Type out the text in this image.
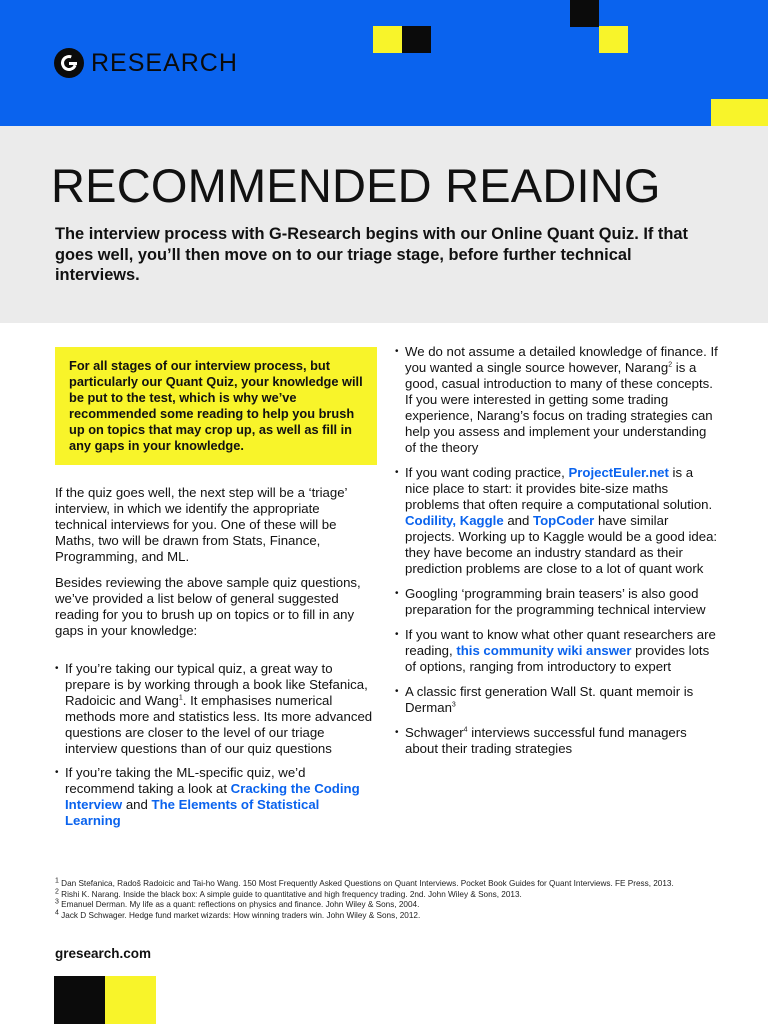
RESEARCH
RECOMMENDED READING

The interview process with G-Research begins with our Online Quant Quiz. If that goes well, you’ll then move on to our triage stage, before further technical interviews.

For all stages of our interview process, but particularly our Quant Quiz, your knowledge will be put to the test, which is why we’ve recommended some reading to help you brush up on topics that may crop up, as well as fill in any gaps in your knowledge.

If the quiz goes well, the next step will be a ‘triage’ interview, in which we identify the appropriate technical interviews for you. One of these will be Maths, two will be drawn from Stats, Finance, Programming, and ML.

Besides reviewing the above sample quiz questions, we’ve provided a list below of general suggested reading for you to brush up on topics or to fill in any gaps in your knowledge:

• If you’re taking our typical quiz, a great way to prepare is by working through a book like Stefanica, Radoicic and Wang$^1$. It emphasises numerical methods more and statistics less. Its more advanced questions are closer to the level of our triage interview questions than of our quiz questions
• If you’re taking the ML-specific quiz, we’d recommend taking a look at Cracking the Coding Interview and The Elements of Statistical Learning
• We do not assume a detailed knowledge of finance. If you wanted a single source however, Narang$^2$ is a good, casual introduction to many of these concepts. If you were interested in getting some trading experience, Narang’s focus on trading strategies can help you assess and implement your understanding of the theory
• If you want coding practice, ProjectEuler.net is a nice place to start: it provides bite-size maths problems that often require a computational solution. Codility, Kaggle and TopCoder have similar projects. Working up to Kaggle would be a good idea: they have become an industry standard as their prediction problems are close to a lot of quant work
• Googling ‘programming brain teasers’ is also good preparation for the programming technical interview
• If you want to know what other quant researchers are reading, this community wiki answer provides lots of options, ranging from introductory to expert
• A classic first generation Wall St. quant memoir is Derman$^3$
• Schwager$^4$ interviews successful fund managers about their trading strategies
$^1$ Dan Stefanica, Radoš Radoicic and Tai-ho Wang. 150 Most Frequently Asked Questions on Quant Interviews. Pocket Book Guides for Quant Interviews. FE Press, 2013.
$^2$ Rishi K. Narang. Inside the black box: A simple guide to quantitative and high frequency trading. 2nd. John Wiley & Sons, 2013.
$^3$ Emanuel Derman. My life as a quant: reflections on physics and finance. John Wiley & Sons, 2004.
$^4$ Jack D Schwager. Hedge fund market wizards: How winning traders win. John Wiley & Sons, 2012.
gresearch.com
